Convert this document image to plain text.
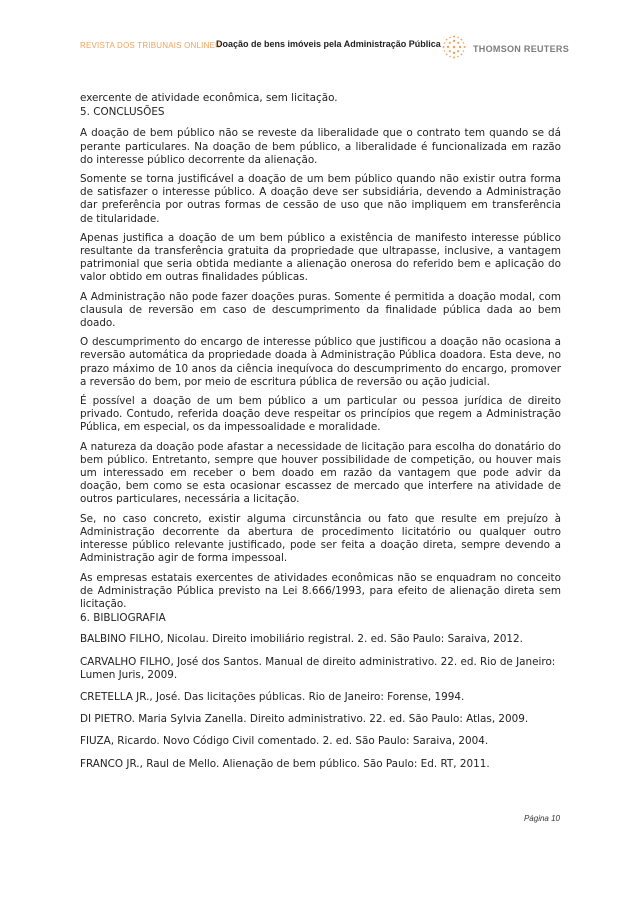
REVISTA DOS TRIBUNAIS ONLINE®
Doação de bens imóveis pela Administração Pública	THOMSON REUTERS

exercente de atividade econômica, sem licitação.

5. CONCLUSÕES

A doação de bem público não se reveste da liberalidade que o contrato tem quando se dá perante particulares. Na doação de bem público, a liberalidade é funcionalizada em razão do interesse público decorrente da alienação.

Somente se torna justificável a doação de um bem público quando não existir outra forma de satisfazer o interesse público. A doação deve ser subsidiária, devendo a Administração dar preferência por outras formas de cessão de uso que não impliquem em transferência de titularidade.

Apenas justifica a doação de um bem público a existência de manifesto interesse público resultante da transferência gratuita da propriedade que ultrapasse, inclusive, a vantagem patrimonial que seria obtida mediante a alienação onerosa do referido bem e aplicação do valor obtido em outras finalidades públicas.

A Administração não pode fazer doações puras. Somente é permitida a doação modal, com clausula de reversão em caso de descumprimento da finalidade pública dada ao bem doado.

O descumprimento do encargo de interesse público que justificou a doação não ocasiona a reversão automática da propriedade doada à Administração Pública doadora. Esta deve, no prazo máximo de 10 anos da ciência inequívoca do descumprimento do encargo, promover a reversão do bem, por meio de escritura pública de reversão ou ação judicial.

É possível a doação de um bem público a um particular ou pessoa jurídica de direito privado. Contudo, referida doação deve respeitar os princípios que regem a Administração Pública, em especial, os da impessoalidade e moralidade.

A natureza da doação pode afastar a necessidade de licitação para escolha do donatário do bem público. Entretanto, sempre que houver possibilidade de competição, ou houver mais um interessado em receber o bem doado em razão da vantagem que pode advir da doação, bem como se esta ocasionar escassez de mercado que interfere na atividade de outros particulares, necessária a licitação.

Se, no caso concreto, existir alguma circunstância ou fato que resulte em prejuízo à Administração decorrente da abertura de procedimento licitatório ou qualquer outro interesse público relevante justificado, pode ser feita a doação direta, sempre devendo a Administração agir de forma impessoal.

As empresas estatais exercentes de atividades econômicas não se enquadram no conceito de Administração Pública previsto na Lei 8.666/1993, para efeito de alienação direta sem licitação.

6. BIBLIOGRAFIA

BALBINO FILHO, Nicolau. Direito imobiliário registral. 2. ed. São Paulo: Saraiva, 2012.

CARVALHO FILHO, José dos Santos. Manual de direito administrativo. 22. ed. Rio de Janeiro: Lumen Juris, 2009.

CRETELLA JR., José. Das licitações públicas. Rio de Janeiro: Forense, 1994.

DI PIETRO. Maria Sylvia Zanella. Direito administrativo. 22. ed. São Paulo: Atlas, 2009.

FIUZA, Ricardo. Novo Código Civil comentado. 2. ed. São Paulo: Saraiva, 2004.

FRANCO JR., Raul de Mello. Alienação de bem público. São Paulo: Ed. RT, 2011.

Página 10
